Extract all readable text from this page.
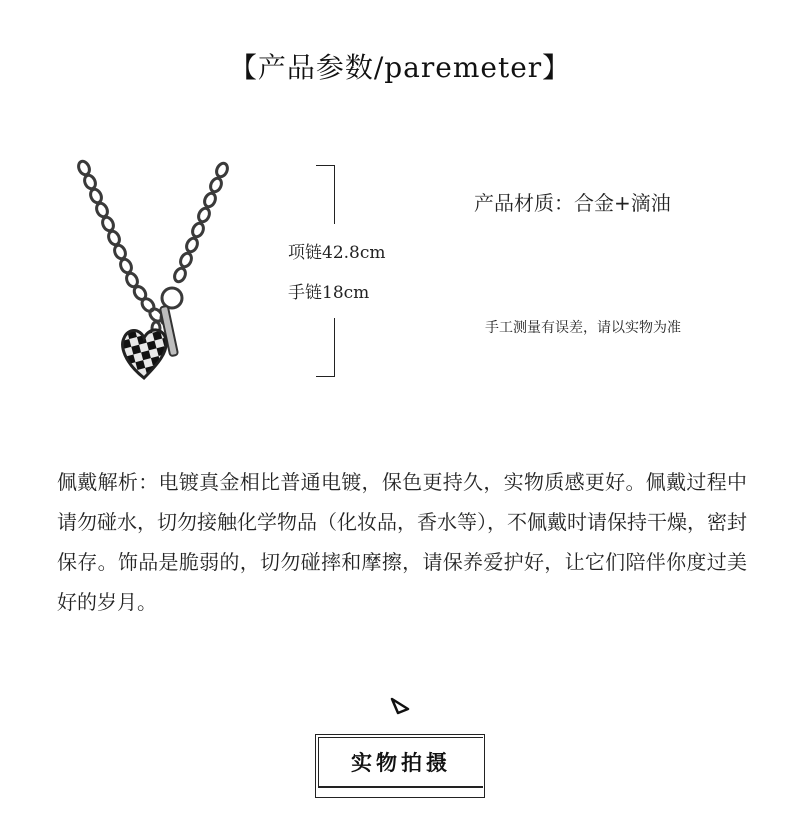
【产品参数/paremeter】
项链42.8cm
手链18cm
产品材质：合金+滴油
手工测量有误差，请以实物为准
佩戴解析：电镀真金相比普通电镀，保色更持久，实物质感更好。佩戴过程中请勿碰水，切勿接触化学物品（化妆品，香水等），不佩戴时请保持干燥，密封保存。饰品是脆弱的，切勿碰摔和摩擦，请保养爱护好，让它们陪伴你度过美好的岁月。
实物拍摄
